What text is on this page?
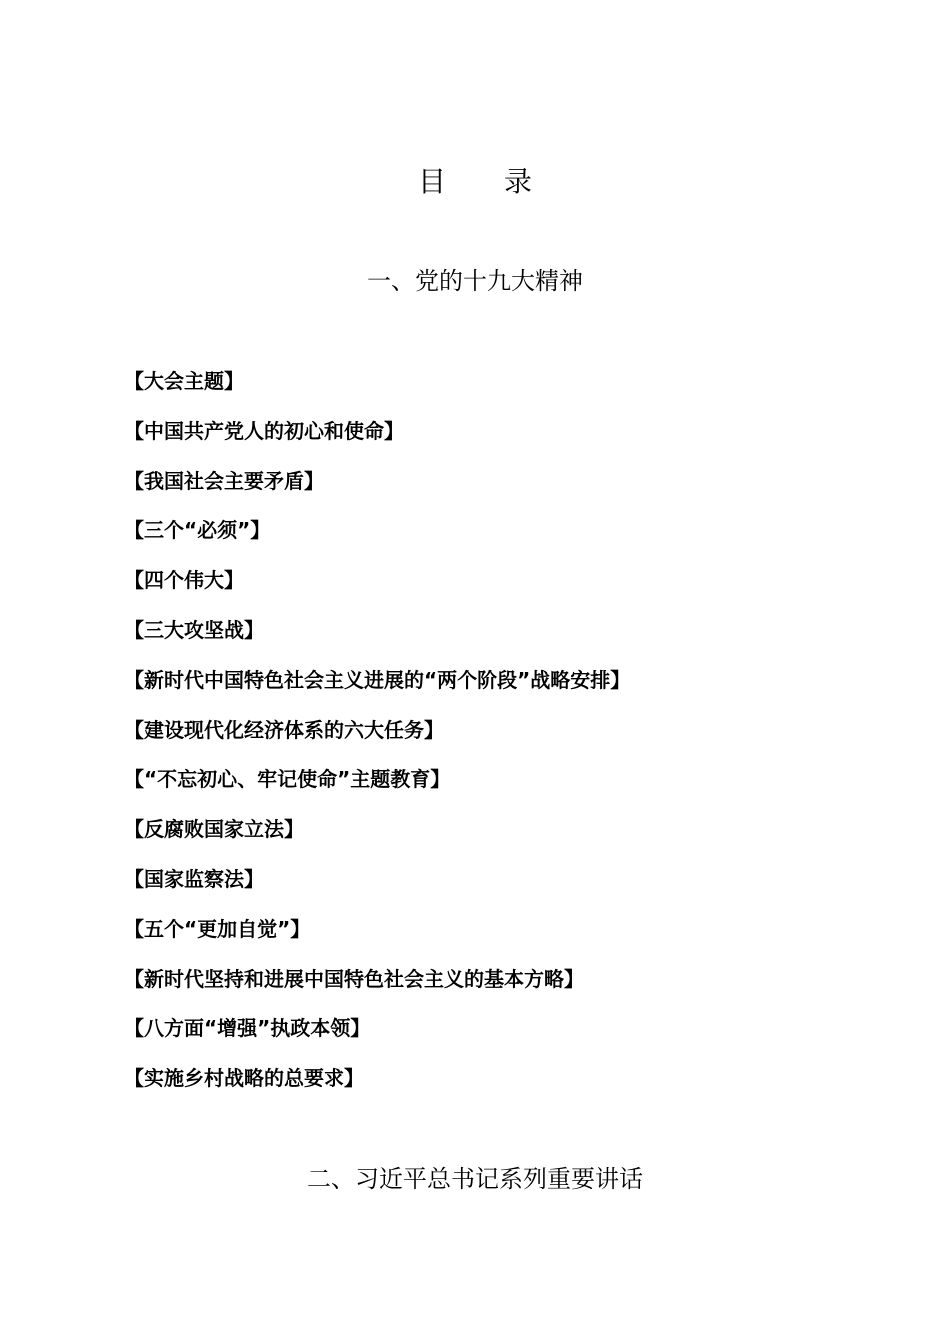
目 录
一、党的十九大精神
【大会主题】
【中国共产党人的初心和使命】
【我国社会主要矛盾】
【三个“必须”】
【四个伟大】
【三大攻坚战】
【新时代中国特色社会主义进展的“两个阶段”战略安排】
【建设现代化经济体系的六大任务】
【“不忘初心、牢记使命”主题教育】
【反腐败国家立法】
【国家监察法】
【五个“更加自觉”】
【新时代坚持和进展中国特色社会主义的基本方略】
【八方面“增强”执政本领】
【实施乡村战略的总要求】
二、习近平总书记系列重要讲话
